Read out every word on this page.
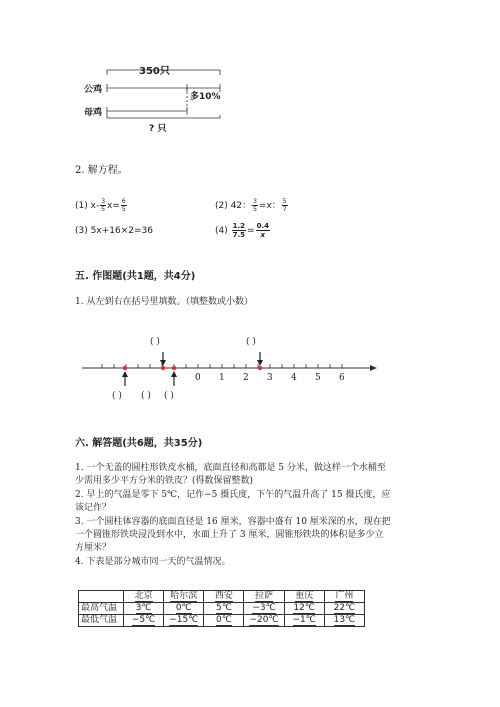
350只
公鸡
母鸡
多10%
? 只
2. 解方程。
(1) $x- \frac{3}{5} x= \frac{6}{5}$	(2) 42： $\frac{3}{5} =x$： $\frac{5}{7}$
(3) 5x+16×2=36	$(4) \frac{1.2}{7.5} = \frac{0.4}{x}$
五. 作图题(共1题，共4分)
1. 从左到右在括号里填数。（填整数或小数）
( )	( )
( ) ( ) ( )
0 1 2 3 4 5 6
六. 解答题(共6题，共35分)
1. 一个无盖的圆柱形铁皮水桶，底面直径和高都是 5 分米，做这样一个水桶至
少需用多少平方分米的铁皮？(得数保留整数)
2. 早上的气温是零下 5℃，记作−5 摄氏度，下午的气温升高了 15 摄氏度，应
该记作？
3. 一个圆柱体容器的底面直径是 16 厘米，容器中盛有 10 厘米深的水，现在把
一个圆锥形铁块浸没到水中，水面上升了 3 厘米，圆锥形铁块的体积是多少立
方厘米？
4. 下表是部分城市同一天的气温情况。
	北京	哈尔滨	西安	拉萨	重庆	广州
最高气温	3℃	0℃	5℃	−3℃	12℃	22℃
最低气温	−5℃	−15℃	0℃	−20℃	−1℃	13℃
